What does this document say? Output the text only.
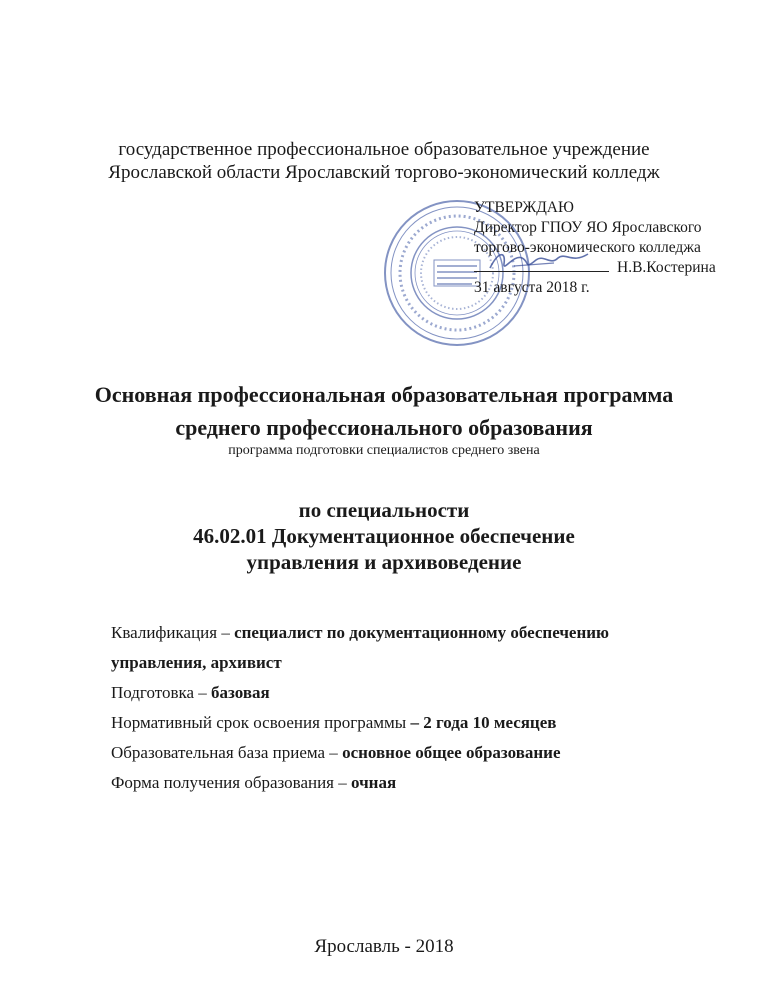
государственное профессиональное образовательное учреждение
Ярославской области Ярославский торгово-экономический колледж
УТВЕРЖДАЮ
Директор ГПОУ ЯО Ярославского
торгово-экономического колледжа
Н.В.Костерина
31 августа 2018 г.
Основная профессиональная образовательная программа
среднего профессионального образования
программа подготовки специалистов среднего звена
по специальности
46.02.01 Документационное обеспечение
управления и архивоведение
Квалификация – специалист по документационному обеспечению
управления, архивист
Подготовка – базовая
Нормативный срок освоения программы – 2 года 10 месяцев
Образовательная база приема – основное общее образование
Форма получения образования – очная
Ярославль - 2018
